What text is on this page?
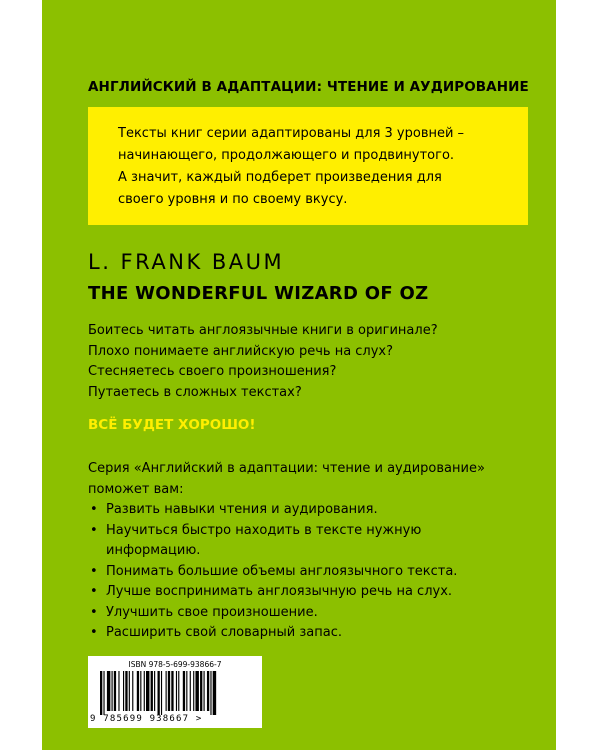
АНГЛИЙСКИЙ В АДАПТАЦИИ: ЧТЕНИЕ И АУДИРОВАНИЕ
Тексты книг серии адаптированы для 3 уровней –
начинающего, продолжающего и продвинутого.
А значит, каждый подберет произведения для
своего уровня и по своему вкусу.
L. FRANK BAUM
THE WONDERFUL WIZARD OF OZ
Боитесь читать англоязычные книги в оригинале?
Плохо понимаете английскую речь на слух?
Стесняетесь своего произношения?
Путаетесь в сложных текстах?
ВСЁ БУДЕТ ХОРОШО!
Серия «Английский в адаптации: чтение и аудирование»
поможет вам:
• Развить навыки чтения и аудирования.
• Научиться быстро находить в тексте нужную
информацию.
• Понимать большие объемы англоязычного текста.
• Лучше воспринимать англоязычную речь на слух.
• Улучшить свое произношение.
• Расширить свой словарный запас.
ISBN 978-5-699-93866-7
9 785699 938667 >
